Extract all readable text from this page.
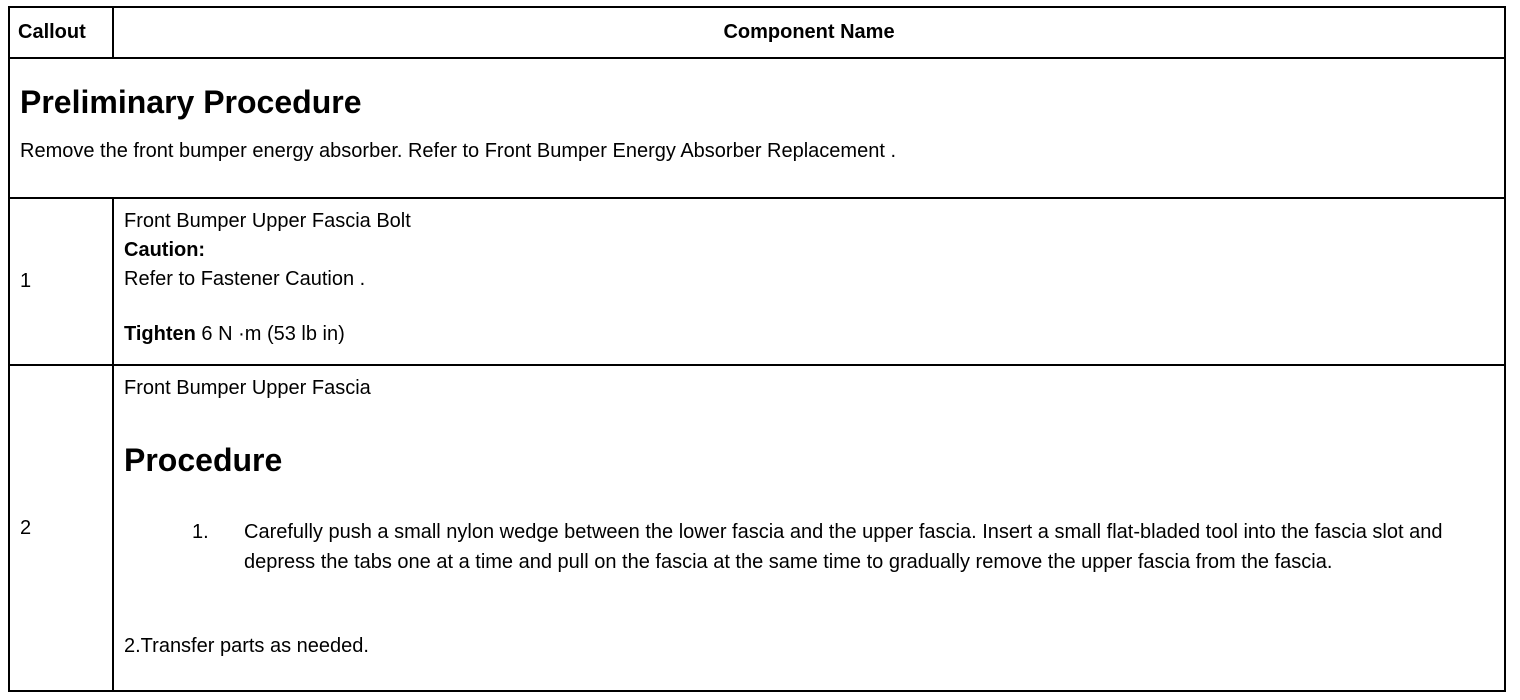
Callout	Component Name

Preliminary Procedure
Remove the front bumper energy absorber. Refer to Front Bumper Energy Absorber Replacement .	

1	Front Bumper Upper Fascia Bolt
Caution:
Refer to Fastener Caution .
Tighten 6 N ·m (53 lb in)

2	Front Bumper Upper Fascia
Procedure
1. Carefully push a small nylon wedge between the lower fascia and the upper fascia. Insert a small flat-bladed tool into the fascia slot and depress the tabs one at a time and pull on the fascia at the same time to gradually remove the upper fascia from the fascia.
2.Transfer parts as needed.
